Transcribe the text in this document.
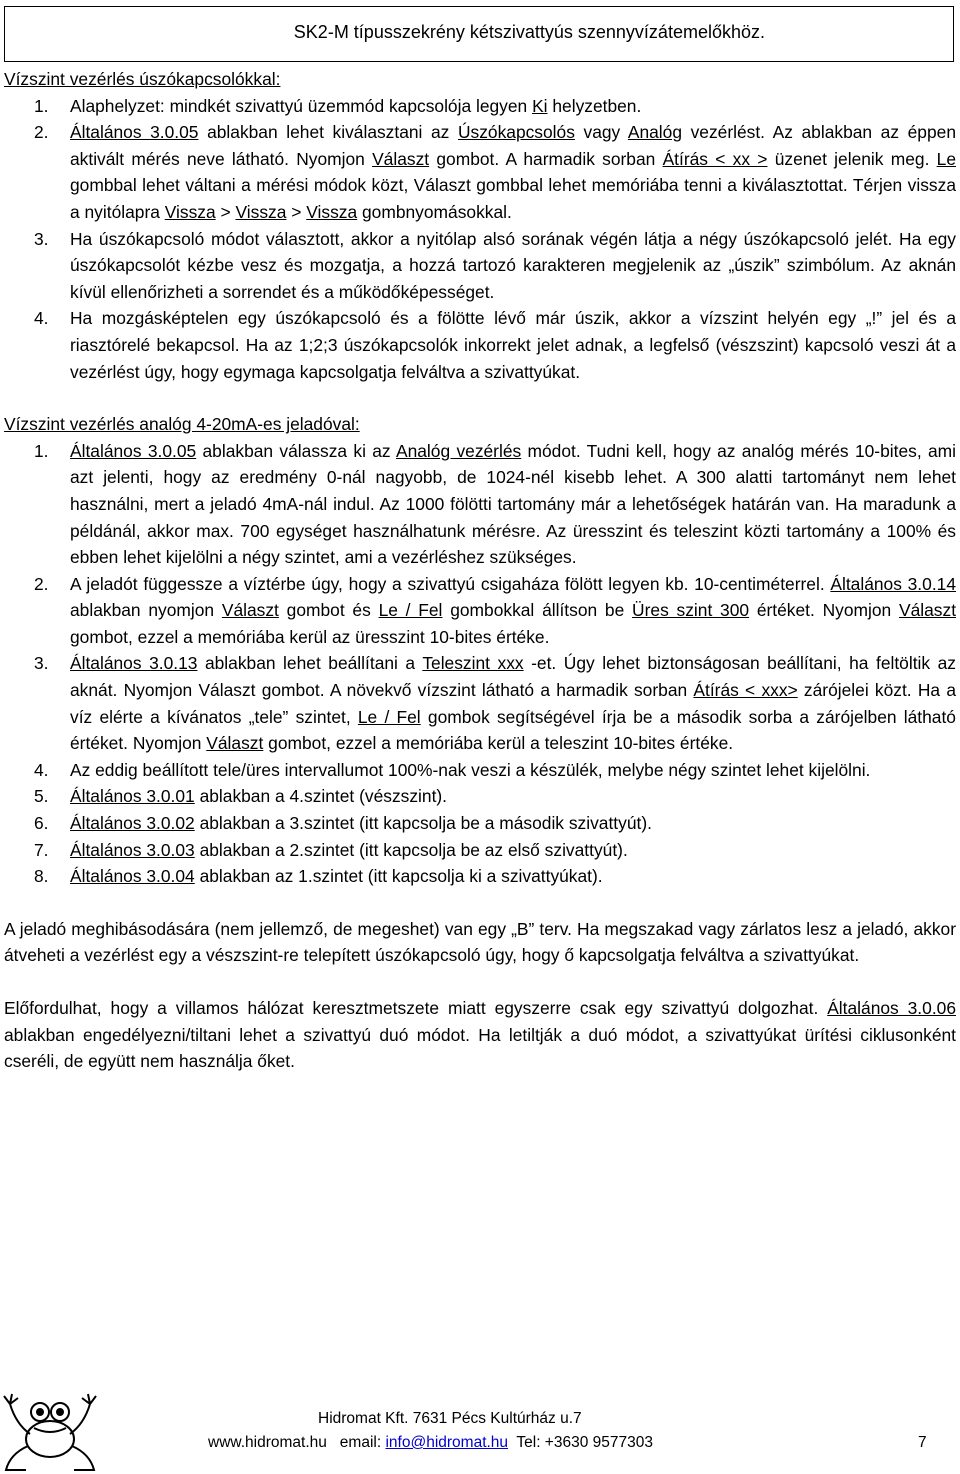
SK2-M típusszekrény kétszivattyús szennyvízátemelőkhöz.
Vízszint vezérlés úszókapcsolókkal:
1.	Alaphelyzet: mindkét szivattyú üzemmód kapcsolója legyen Ki helyzetben.
2.	Általános 3.0.05 ablakban lehet kiválasztani az Úszókapcsolós vagy Analóg vezérlést. Az ablakban az éppen aktivált mérés neve látható. Nyomjon Választ gombot. A harmadik sorban Átírás < xx > üzenet jelenik meg. Le gombbal lehet váltani a mérési módok közt, Választ gombbal lehet memóriába tenni a kiválasztottat. Térjen vissza a nyitólapra Vissza > Vissza > Vissza gombnyomásokkal.
3.	Ha úszókapcsoló módot választott, akkor a nyitólap alsó sorának végén látja a négy úszókapcsoló jelét. Ha egy úszókapcsolót kézbe vesz és mozgatja, a hozzá tartozó karakteren megjelenik az „úszik” szimbólum. Az aknán kívül ellenőrizheti a sorrendet és a működőképességet.
4.	Ha mozgásképtelen egy úszókapcsoló és a fölötte lévő már úszik, akkor a vízszint helyén egy „!” jel és a riasztórelé bekapcsol. Ha az 1;2;3 úszókapcsolók inkorrekt jelet adnak, a legfelső (vészszint) kapcsoló veszi át a vezérlést úgy, hogy egymaga kapcsolgatja felváltva a szivattyúkat.
Vízszint vezérlés analóg 4-20mA-es jeladóval:
1.	Általános 3.0.05 ablakban válassza ki az Analóg vezérlés módot. Tudni kell, hogy az analóg mérés 10-bites, ami azt jelenti, hogy az eredmény 0-nál nagyobb, de 1024-nél kisebb lehet. A 300 alatti tartományt nem lehet használni, mert a jeladó 4mA-nál indul. Az 1000 fölötti tartomány már a lehetőségek határán van. Ha maradunk a példánál, akkor max. 700 egységet használhatunk mérésre. Az üresszint és teleszint közti tartomány a 100% és ebben lehet kijelölni a négy szintet, ami a vezérléshez szükséges.
2.	A jeladót függessze a víztérbe úgy, hogy a szivattyú csigaháza fölött legyen kb. 10-centiméterrel. Általános 3.0.14 ablakban nyomjon Választ gombot és Le / Fel gombokkal állítson be Üres szint 300 értéket. Nyomjon Választ gombot, ezzel a memóriába kerül az üresszint 10-bites értéke.
3.	Általános 3.0.13 ablakban lehet beállítani a Teleszint xxx -et. Úgy lehet biztonságosan beállítani, ha feltöltik az aknát. Nyomjon Választ gombot. A növekvő vízszint látható a harmadik sorban Átírás < xxx> zárójelei közt. Ha a víz elérte a kívánatos „tele” szintet, Le / Fel gombok segítségével írja be a második sorba a zárójelben látható értéket. Nyomjon Választ gombot, ezzel a memóriába kerül a teleszint 10-bites értéke.
4.	Az eddig beállított tele/üres intervallumot 100%-nak veszi a készülék, melybe négy szintet lehet kijelölni.
5.	Általános 3.0.01 ablakban a 4.szintet (vészszint).
6.	Általános 3.0.02 ablakban a 3.szintet (itt kapcsolja be a második szivattyút).
7.	Általános 3.0.03 ablakban a 2.szintet (itt kapcsolja be az első szivattyút).
8.	Általános 3.0.04 ablakban az 1.szintet (itt kapcsolja ki a szivattyúkat).
A jeladó meghibásodására (nem jellemző, de megeshet) van egy „B” terv. Ha megszakad vagy zárlatos lesz a jeladó, akkor átveheti a vezérlést egy a vészszint-re telepített úszókapcsoló úgy, hogy ő kapcsolgatja felváltva a szivattyúkat.
Előfordulhat, hogy a villamos hálózat keresztmetszete miatt egyszerre csak egy szivattyú dolgozhat. Általános 3.0.06 ablakban engedélyezni/tiltani lehet a szivattyú duó módot. Ha letiltják a duó módot, a szivattyúkat ürítési ciklusonként cseréli, de együtt nem használja őket.
Hidromat Kft. 7631 Pécs Kultúrház u.7
www.hidromat.hu   email: info@hidromat.hu  Tel: +3630 9577303	7
